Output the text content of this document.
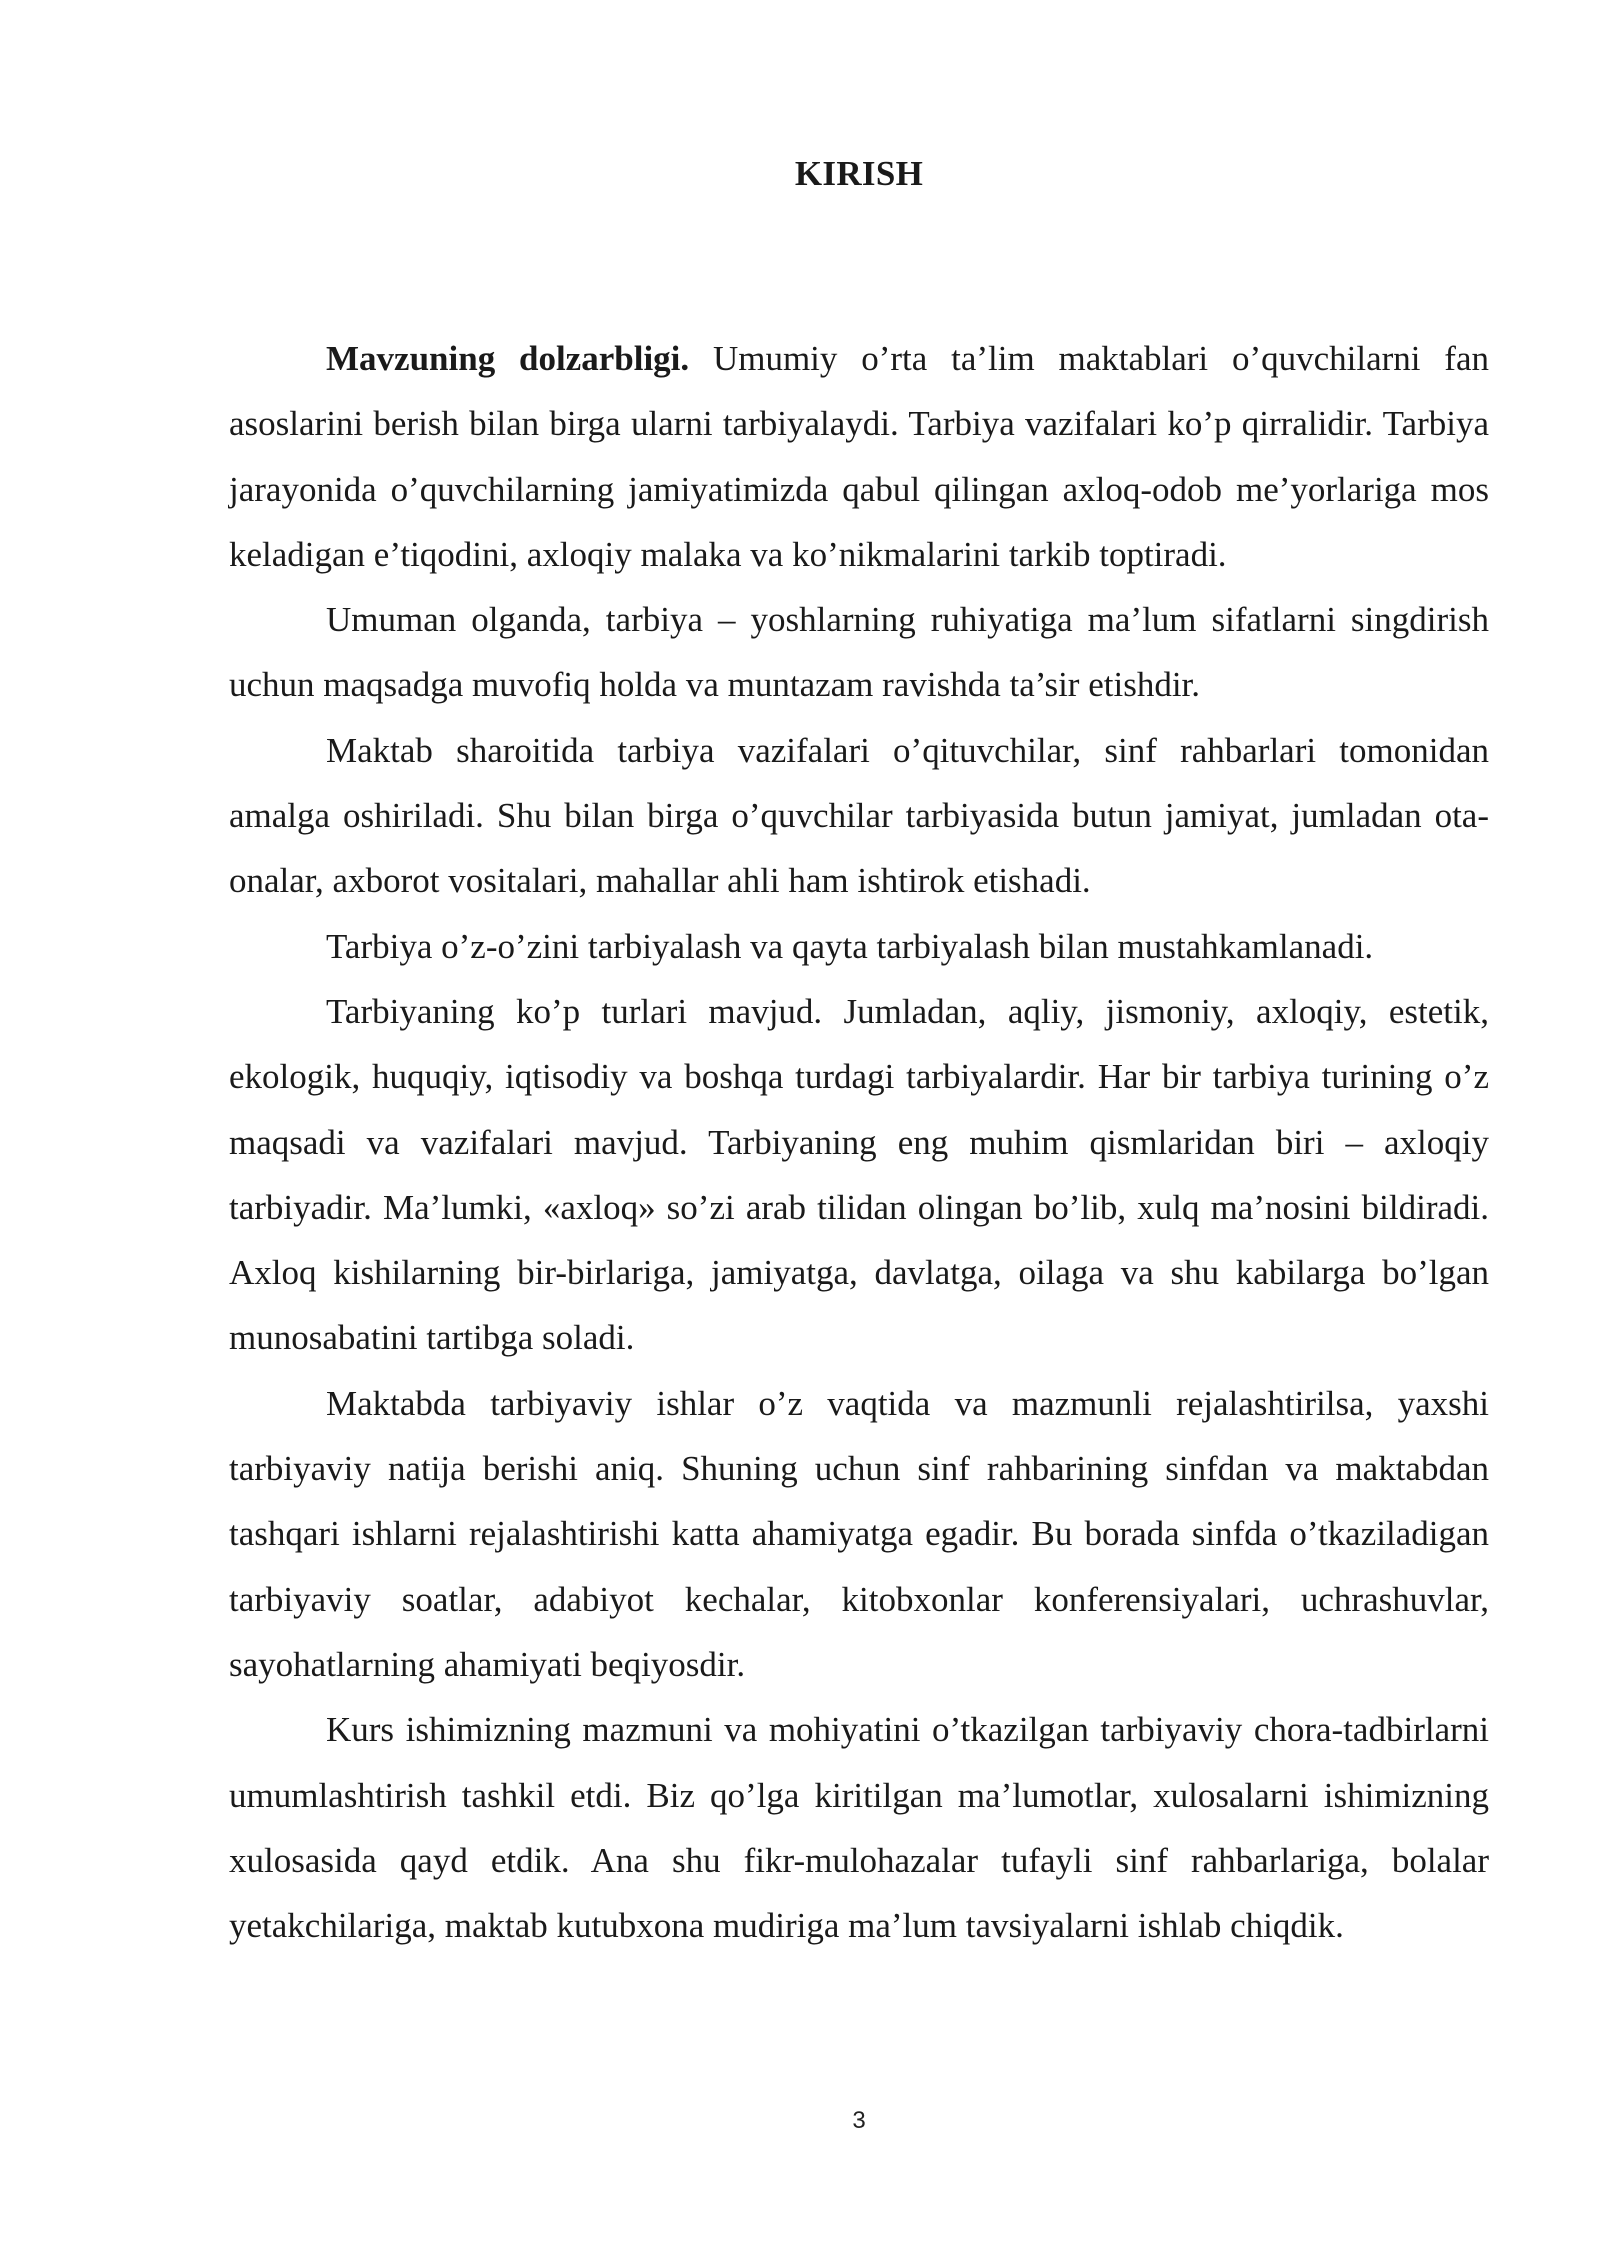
KIRISH

Mavzuning dolzarbligi. Umumiy o’rta ta’lim maktablari o’quvchilarni fan asoslarini berish bilan birga ularni tarbiyalaydi. Tarbiya vazifalari ko’p qirralidir. Tarbiya jarayonida o’quvchilarning jamiyatimizda qabul qilingan axloq-odob me’yorlariga mos keladigan e’tiqodini, axloqiy malaka va ko’nikmalarini tarkib toptiradi.

Umuman olganda, tarbiya – yoshlarning ruhiyatiga ma’lum sifatlarni singdirish uchun maqsadga muvofiq holda va muntazam ravishda ta’sir etishdir.

Maktab sharoitida tarbiya vazifalari o’qituvchilar, sinf rahbarlari tomonidan amalga oshiriladi. Shu bilan birga o’quvchilar tarbiyasida butun jamiyat, jumladan ota-onalar, axborot vositalari, mahallar ahli ham ishtirok etishadi.

Tarbiya o’z-o’zini tarbiyalash va qayta tarbiyalash bilan mustahkamlanadi.

Tarbiyaning ko’p turlari mavjud. Jumladan, aqliy, jismoniy, axloqiy, estetik, ekologik, huquqiy, iqtisodiy va boshqa turdagi tarbiyalardir. Har bir tarbiya turining o’z maqsadi va vazifalari mavjud. Tarbiyaning eng muhim qismlaridan biri – axloqiy tarbiyadir. Ma’lumki, «axloq» so’zi arab tilidan olingan bo’lib, xulq ma’nosini bildiradi. Axloq kishilarning bir-birlariga, jamiyatga, davlatga, oilaga va shu kabilarga bo’lgan munosabatini tartibga soladi.

Maktabda tarbiyaviy ishlar o’z vaqtida va mazmunli rejalashtirilsa, yaxshi tarbiyaviy natija berishi aniq. Shuning uchun sinf rahbarining sinfdan va maktabdan tashqari ishlarni rejalashtirishi katta ahamiyatga egadir. Bu borada sinfda o’tkaziladigan tarbiyaviy soatlar, adabiyot kechalar, kitobxonlar konferensiyalari, uchrashuvlar, sayohatlarning ahamiyati beqiyosdir.

Kurs ishimizning mazmuni va mohiyatini o’tkazilgan tarbiyaviy chora-tadbirlarni umumlashtirish tashkil etdi. Biz qo’lga kiritilgan ma’lumotlar, xulosalarni ishimizning xulosasida qayd etdik. Ana shu fikr-mulohazalar tufayli sinf rahbarlariga, bolalar yetakchilariga, maktab kutubxona mudiriga ma’lum tavsiyalarni ishlab chiqdik.

3
